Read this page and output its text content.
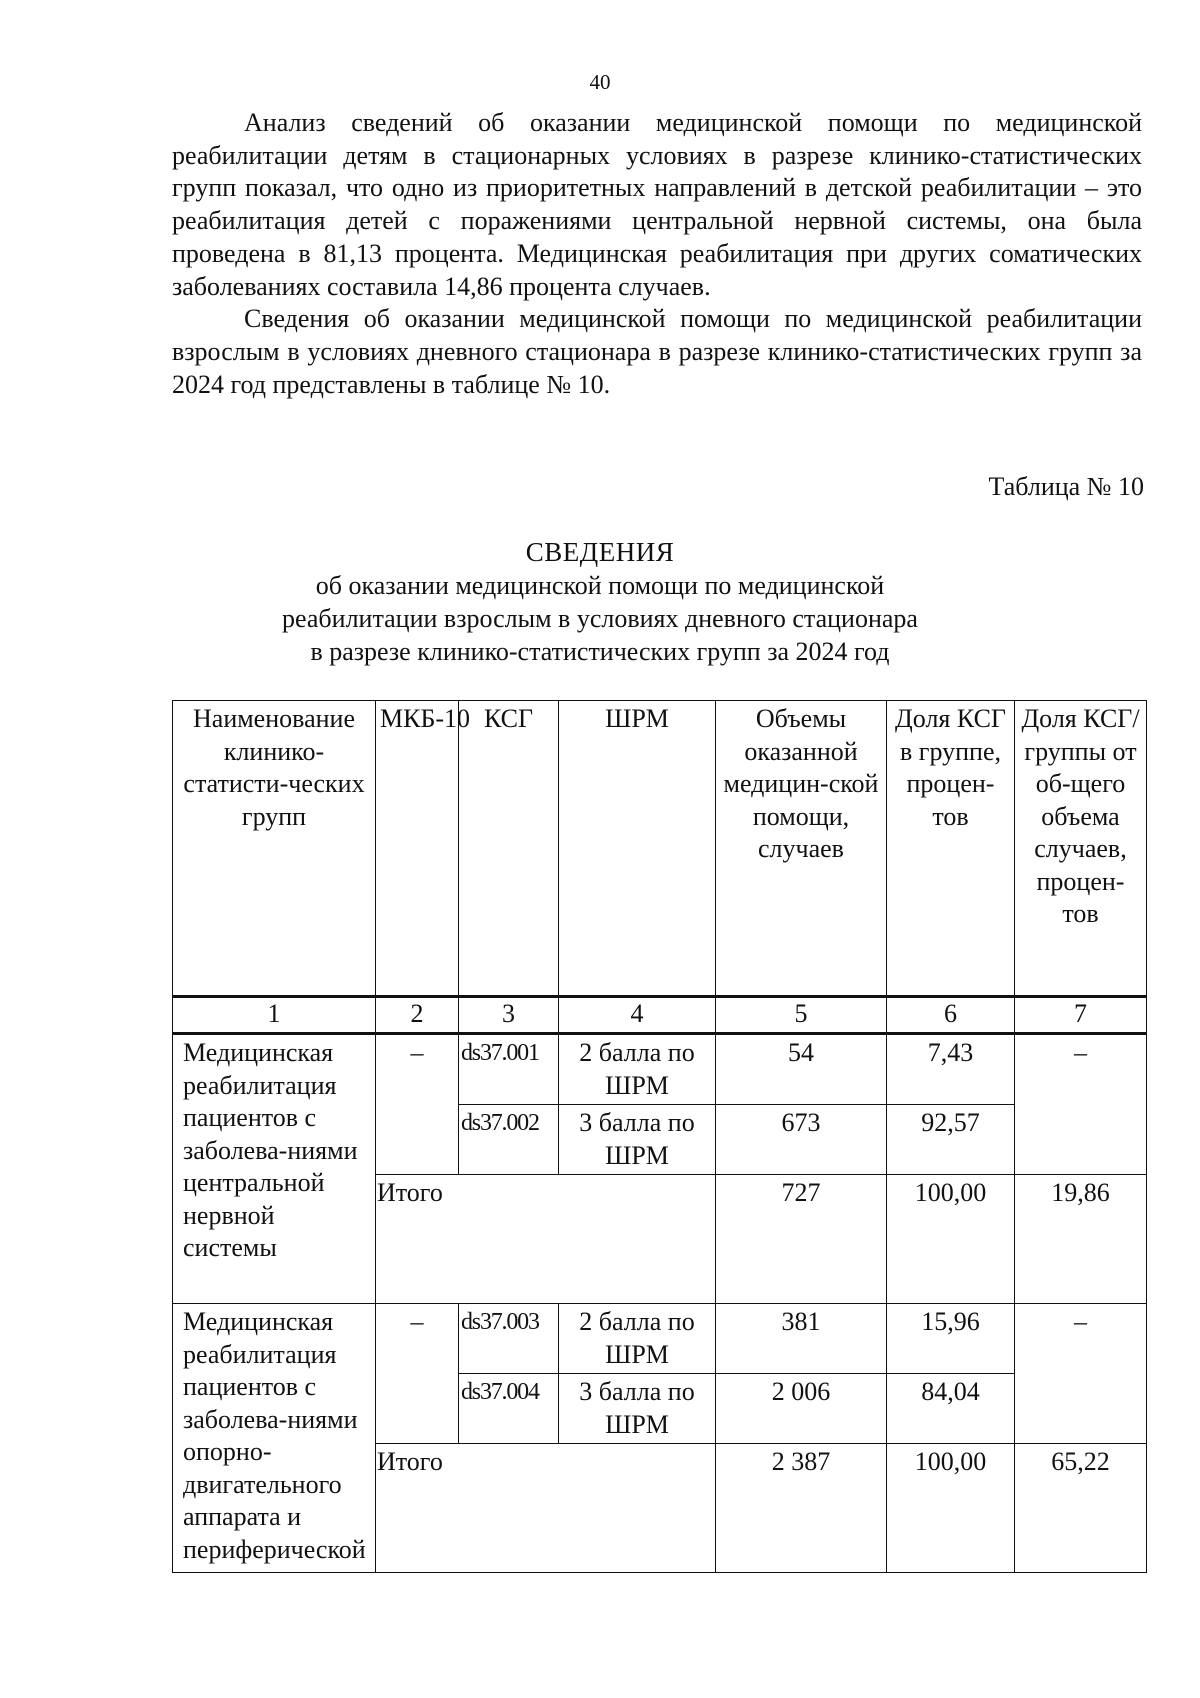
40

Анализ сведений об оказании медицинской помощи по медицинской реабилитации детям в стационарных условиях в разрезе клинико-статистических групп показал, что одно из приоритетных направлений в детской реабилитации – это реабилитация детей с поражениями центральной нервной системы, она была проведена в 81,13 процента. Медицинская реабилитация при других соматических заболеваниях составила 14,86 процента случаев.

Сведения об оказании медицинской помощи по медицинской реабилитации взрослым в условиях дневного стационара в разрезе клинико-статистических групп за 2024 год представлены в таблице № 10.

Таблица № 10
СВЕДЕНИЯ
об оказании медицинской помощи по медицинской
реабилитации взрослым в условиях дневного стационара
в разрезе клинико-статистических групп за 2024 год
Наименование клинико-статисти-ческих групп	МКБ-10	КСГ	ШРМ	Объемы оказанной медицин-ской помощи, случаев	Доля КСГ в группе, процен-тов	Доля КСГ/ группы от об-щего объема случаев, процен-тов
1	2	3	4	5	6	7
Медицинская реабилитация пациентов с заболева-ниями центральной нервной системы	–	ds37.001	2 балла по ШРМ	54	7,43	–
		ds37.002	3 балла по ШРМ	673	92,57	
	Итого			727	100,00	19,86
Медицинская реабилитация пациентов с заболева-ниями опорно-двигательного аппарата и периферической	–	ds37.003	2 балла по ШРМ	381	15,96	–
		ds37.004	3 балла по ШРМ	2 006	84,04	
	Итого			2 387	100,00	65,22
